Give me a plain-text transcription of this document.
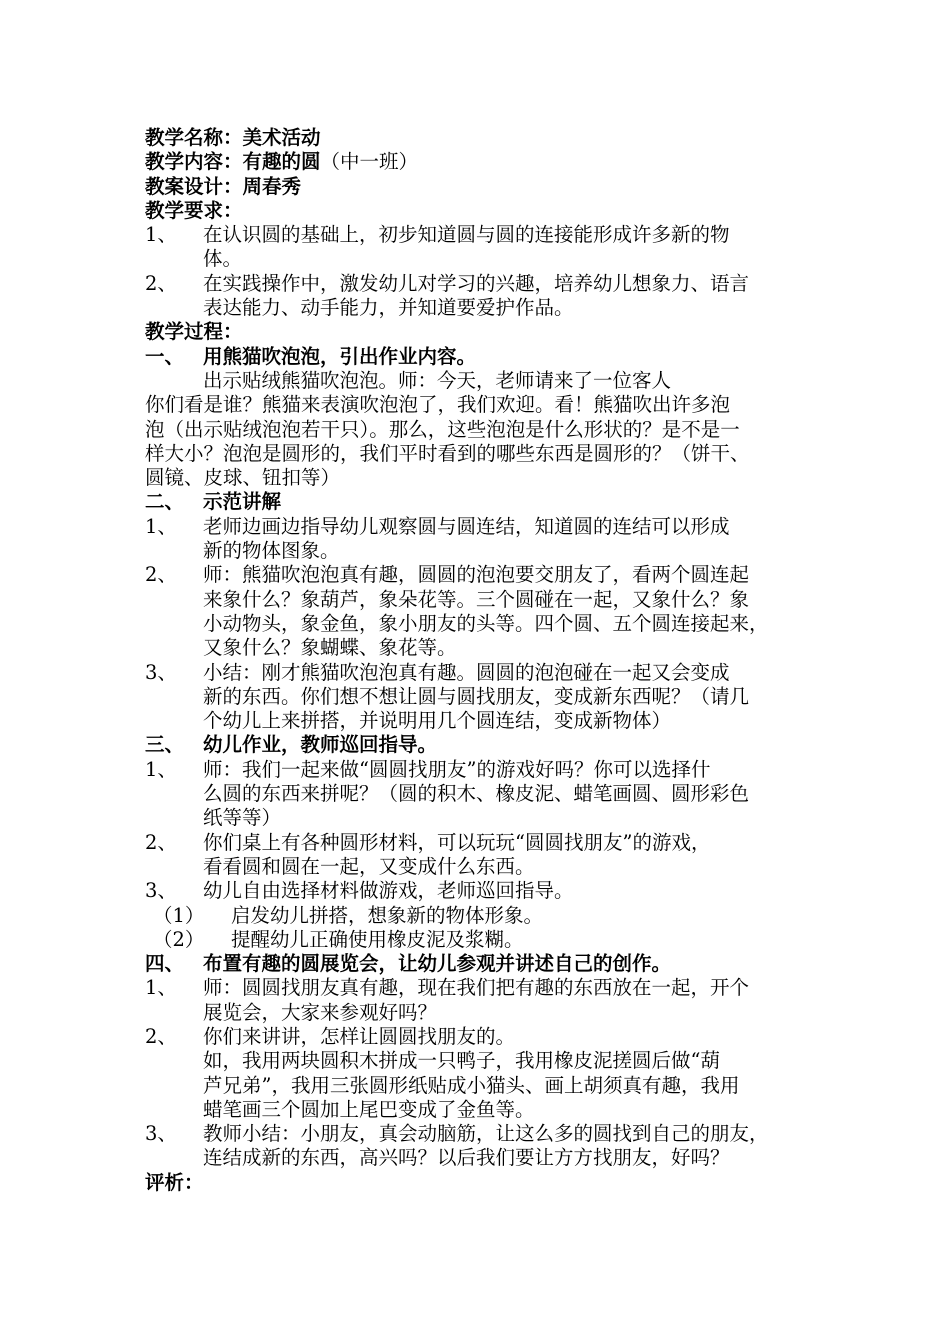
教学名称：美术活动
教学内容：有趣的圆（中一班）
教案设计：周春秀
教学要求：
1、 在认识圆的基础上，初步知道圆与圆的连接能形成许多新的物
体。
2、 在实践操作中，激发幼儿对学习的兴趣，培养幼儿想象力、语言
表达能力、动手能力，并知道要爱护作品。
教学过程：
一、 用熊猫吹泡泡，引出作业内容。
出示贴绒熊猫吹泡泡。师：今天，老师请来了一位客人
你们看是谁？熊猫来表演吹泡泡了，我们欢迎。看！熊猫吹出许多泡
泡（出示贴绒泡泡若干只）。那么，这些泡泡是什么形状的？是不是一
样大小？泡泡是圆形的，我们平时看到的哪些东西是圆形的？（饼干、
圆镜、皮球、钮扣等）
二、 示范讲解
1、 老师边画边指导幼儿观察圆与圆连结，知道圆的连结可以形成
新的物体图象。
2、 师：熊猫吹泡泡真有趣，圆圆的泡泡要交朋友了，看两个圆连起
来象什么？象葫芦，象朵花等。三个圆碰在一起，又象什么？象
小动物头，象金鱼，象小朋友的头等。四个圆、五个圆连接起来，
又象什么？象蝴蝶、象花等。
3、 小结：刚才熊猫吹泡泡真有趣。圆圆的泡泡碰在一起又会变成
新的东西。你们想不想让圆与圆找朋友，变成新东西呢？（请几
个幼儿上来拼搭，并说明用几个圆连结，变成新物体）
三、 幼儿作业，教师巡回指导。
1、 师：我们一起来做“圆圆找朋友”的游戏好吗？你可以选择什
么圆的东西来拼呢？（圆的积木、橡皮泥、蜡笔画圆、圆形彩色
纸等等）
2、 你们桌上有各种圆形材料，可以玩玩“圆圆找朋友”的游戏，
看看圆和圆在一起，又变成什么东西。
3、 幼儿自由选择材料做游戏，老师巡回指导。
（1） 启发幼儿拼搭，想象新的物体形象。
（2） 提醒幼儿正确使用橡皮泥及浆糊。
四、 布置有趣的圆展览会，让幼儿参观并讲述自己的创作。
1、 师：圆圆找朋友真有趣，现在我们把有趣的东西放在一起，开个
展览会，大家来参观好吗？
2、 你们来讲讲，怎样让圆圆找朋友的。
如，我用两块圆积木拼成一只鸭子，我用橡皮泥搓圆后做“葫
芦兄弟”，我用三张圆形纸贴成小猫头、画上胡须真有趣，我用
蜡笔画三个圆加上尾巴变成了金鱼等。
3、 教师小结：小朋友，真会动脑筋，让这么多的圆找到自己的朋友，
连结成新的东西，高兴吗？以后我们要让方方找朋友，好吗？
评析：
